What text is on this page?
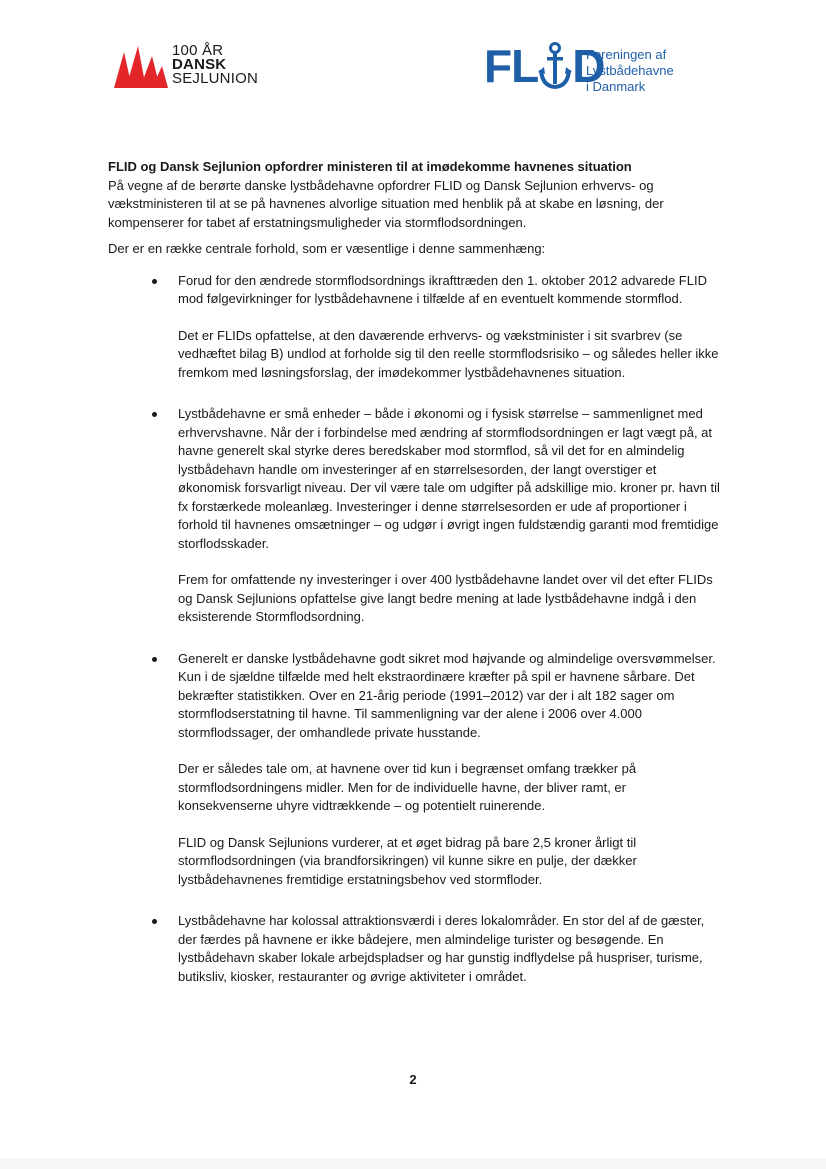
100 ÅR
DANSK
SEJLUNION	FL D
Foreningen af
Lystbådehavne
i Danmark

FLID og Dansk Sejlunion opfordrer ministeren til at imødekomme havnenes situation

På vegne af de berørte danske lystbådehavne opfordrer FLID og Dansk Sejlunion erhvervs- og vækstministeren til at se på havnenes alvorlige situation med henblik på at skabe en løsning, der kompenserer for tabet af erstatningsmuligheder via stormflodsordningen.

Der er en række centrale forhold, som er væsentlige i denne sammenhæng:

Forud for den ændrede stormflodsordnings ikrafttræden den 1. oktober 2012 advarede FLID mod følgevirkninger for lystbådehavnene i tilfælde af en eventuelt kommende stormflod.

Det er FLIDs opfattelse, at den daværende erhvervs- og vækstminister i sit svarbrev (se vedhæftet bilag B) undlod at forholde sig til den reelle stormflodsrisiko – og således heller ikke fremkom med løsningsforslag, der imødekommer lystbådehavnenes situation.

Lystbådehavne er små enheder – både i økonomi og i fysisk størrelse – sammenlignet med erhvervshavne. Når der i forbindelse med ændring af stormflodsordningen er lagt vægt på, at havne generelt skal styrke deres beredskaber mod stormflod, så vil det for en almindelig lystbådehavn handle om investeringer af en størrelsesorden, der langt overstiger et økonomisk forsvarligt niveau. Der vil være tale om udgifter på adskillige mio. kroner pr. havn til fx forstærkede moleanlæg. Investeringer i denne størrelsesorden er ude af proportioner i forhold til havnenes omsætninger – og udgør i øvrigt ingen fuldstændig garanti mod fremtidige storflodsskader.

Frem for omfattende ny investeringer i over 400 lystbådehavne landet over vil det efter FLIDs og Dansk Sejlunions opfattelse give langt bedre mening at lade lystbådehavne indgå i den eksisterende Stormflodsordning.

Generelt er danske lystbådehavne godt sikret mod højvande og almindelige oversvømmelser. Kun i de sjældne tilfælde med helt ekstraordinære kræfter på spil er havnene sårbare. Det bekræfter statistikken. Over en 21-årig periode (1991–2012) var der i alt 182 sager om stormflodserstatning til havne. Til sammenligning var der alene i 2006 over 4.000 stormflodssager, der omhandlede private husstande.

Der er således tale om, at havnene over tid kun i begrænset omfang trækker på stormflodsordningens midler. Men for de individuelle havne, der bliver ramt, er konsekvenserne uhyre vidtrækkende – og potentielt ruinerende.

FLID og Dansk Sejlunions vurderer, at et øget bidrag på bare 2,5 kroner årligt til stormflodsordningen (via brandforsikringen) vil kunne sikre en pulje, der dækker lystbådehavnenes fremtidige erstatningsbehov ved stormfloder.

Lystbådehavne har kolossal attraktionsværdi i deres lokalområder. En stor del af de gæster, der færdes på havnene er ikke bådejere, men almindelige turister og besøgende. En lystbådehavn skaber lokale arbejdspladser og har gunstig indflydelse på huspriser, turisme, butiksliv, kiosker, restauranter og øvrige aktiviteter i området.

2
